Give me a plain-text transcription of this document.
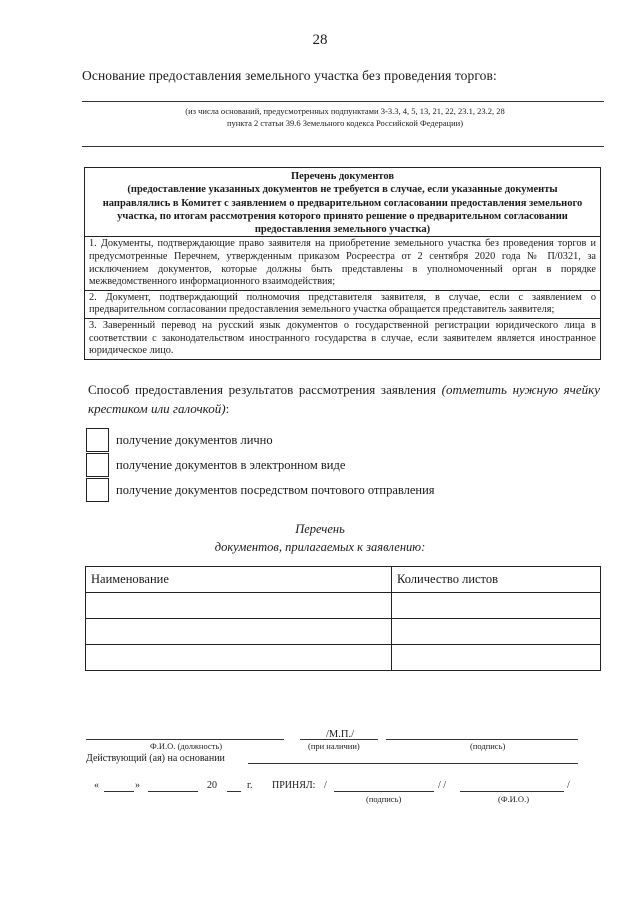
28
Основание предоставления земельного участка без проведения торгов:
(из числа оснований, предусмотренных подпунктами 3-3.3, 4, 5, 13, 21, 22, 23.1, 23.2, 28
пункта 2 статьи 39.6 Земельного кодекса Российской Федерации)
Перечень документов
(предоставление указанных документов не требуется в случае, если указанные документы направлялись в Комитет с заявлением о предварительном согласовании предоставления земельного участка, по итогам рассмотрения которого принято решение о предварительном согласовании предоставления земельного участка)
1. Документы, подтверждающие право заявителя на приобретение земельного участка без проведения торгов и предусмотренные Перечнем, утвержденным приказом Росреестра от 2 сентября 2020 года № П/0321, за исключением документов, которые должны быть представлены в уполномоченный орган в порядке межведомственного информационного взаимодействия;
2. Документ, подтверждающий полномочия представителя заявителя, в случае, если с заявлением о предварительном согласовании предоставления земельного участка обращается представитель заявителя;
3. Заверенный перевод на русский язык документов о государственной регистрации юридического лица в соответствии с законодательством иностранного государства в случае, если заявителем является иностранное юридическое лицо.
Способ предоставления результатов рассмотрения заявления (отметить нужную ячейку крестиком или галочкой):
получение документов лично
получение документов в электронном виде
получение документов посредством почтового отправления
Перечень
документов, прилагаемых к заявлению:
Наименование	Количество листов

/М.П./
Ф.И.О. (должность)	(при наличии)	(подпись)
Действующий (ая) на основании
«	»	20	г. ПРИНЯЛ: /	/ /	/
(подпись)	(Ф.И.О.)
